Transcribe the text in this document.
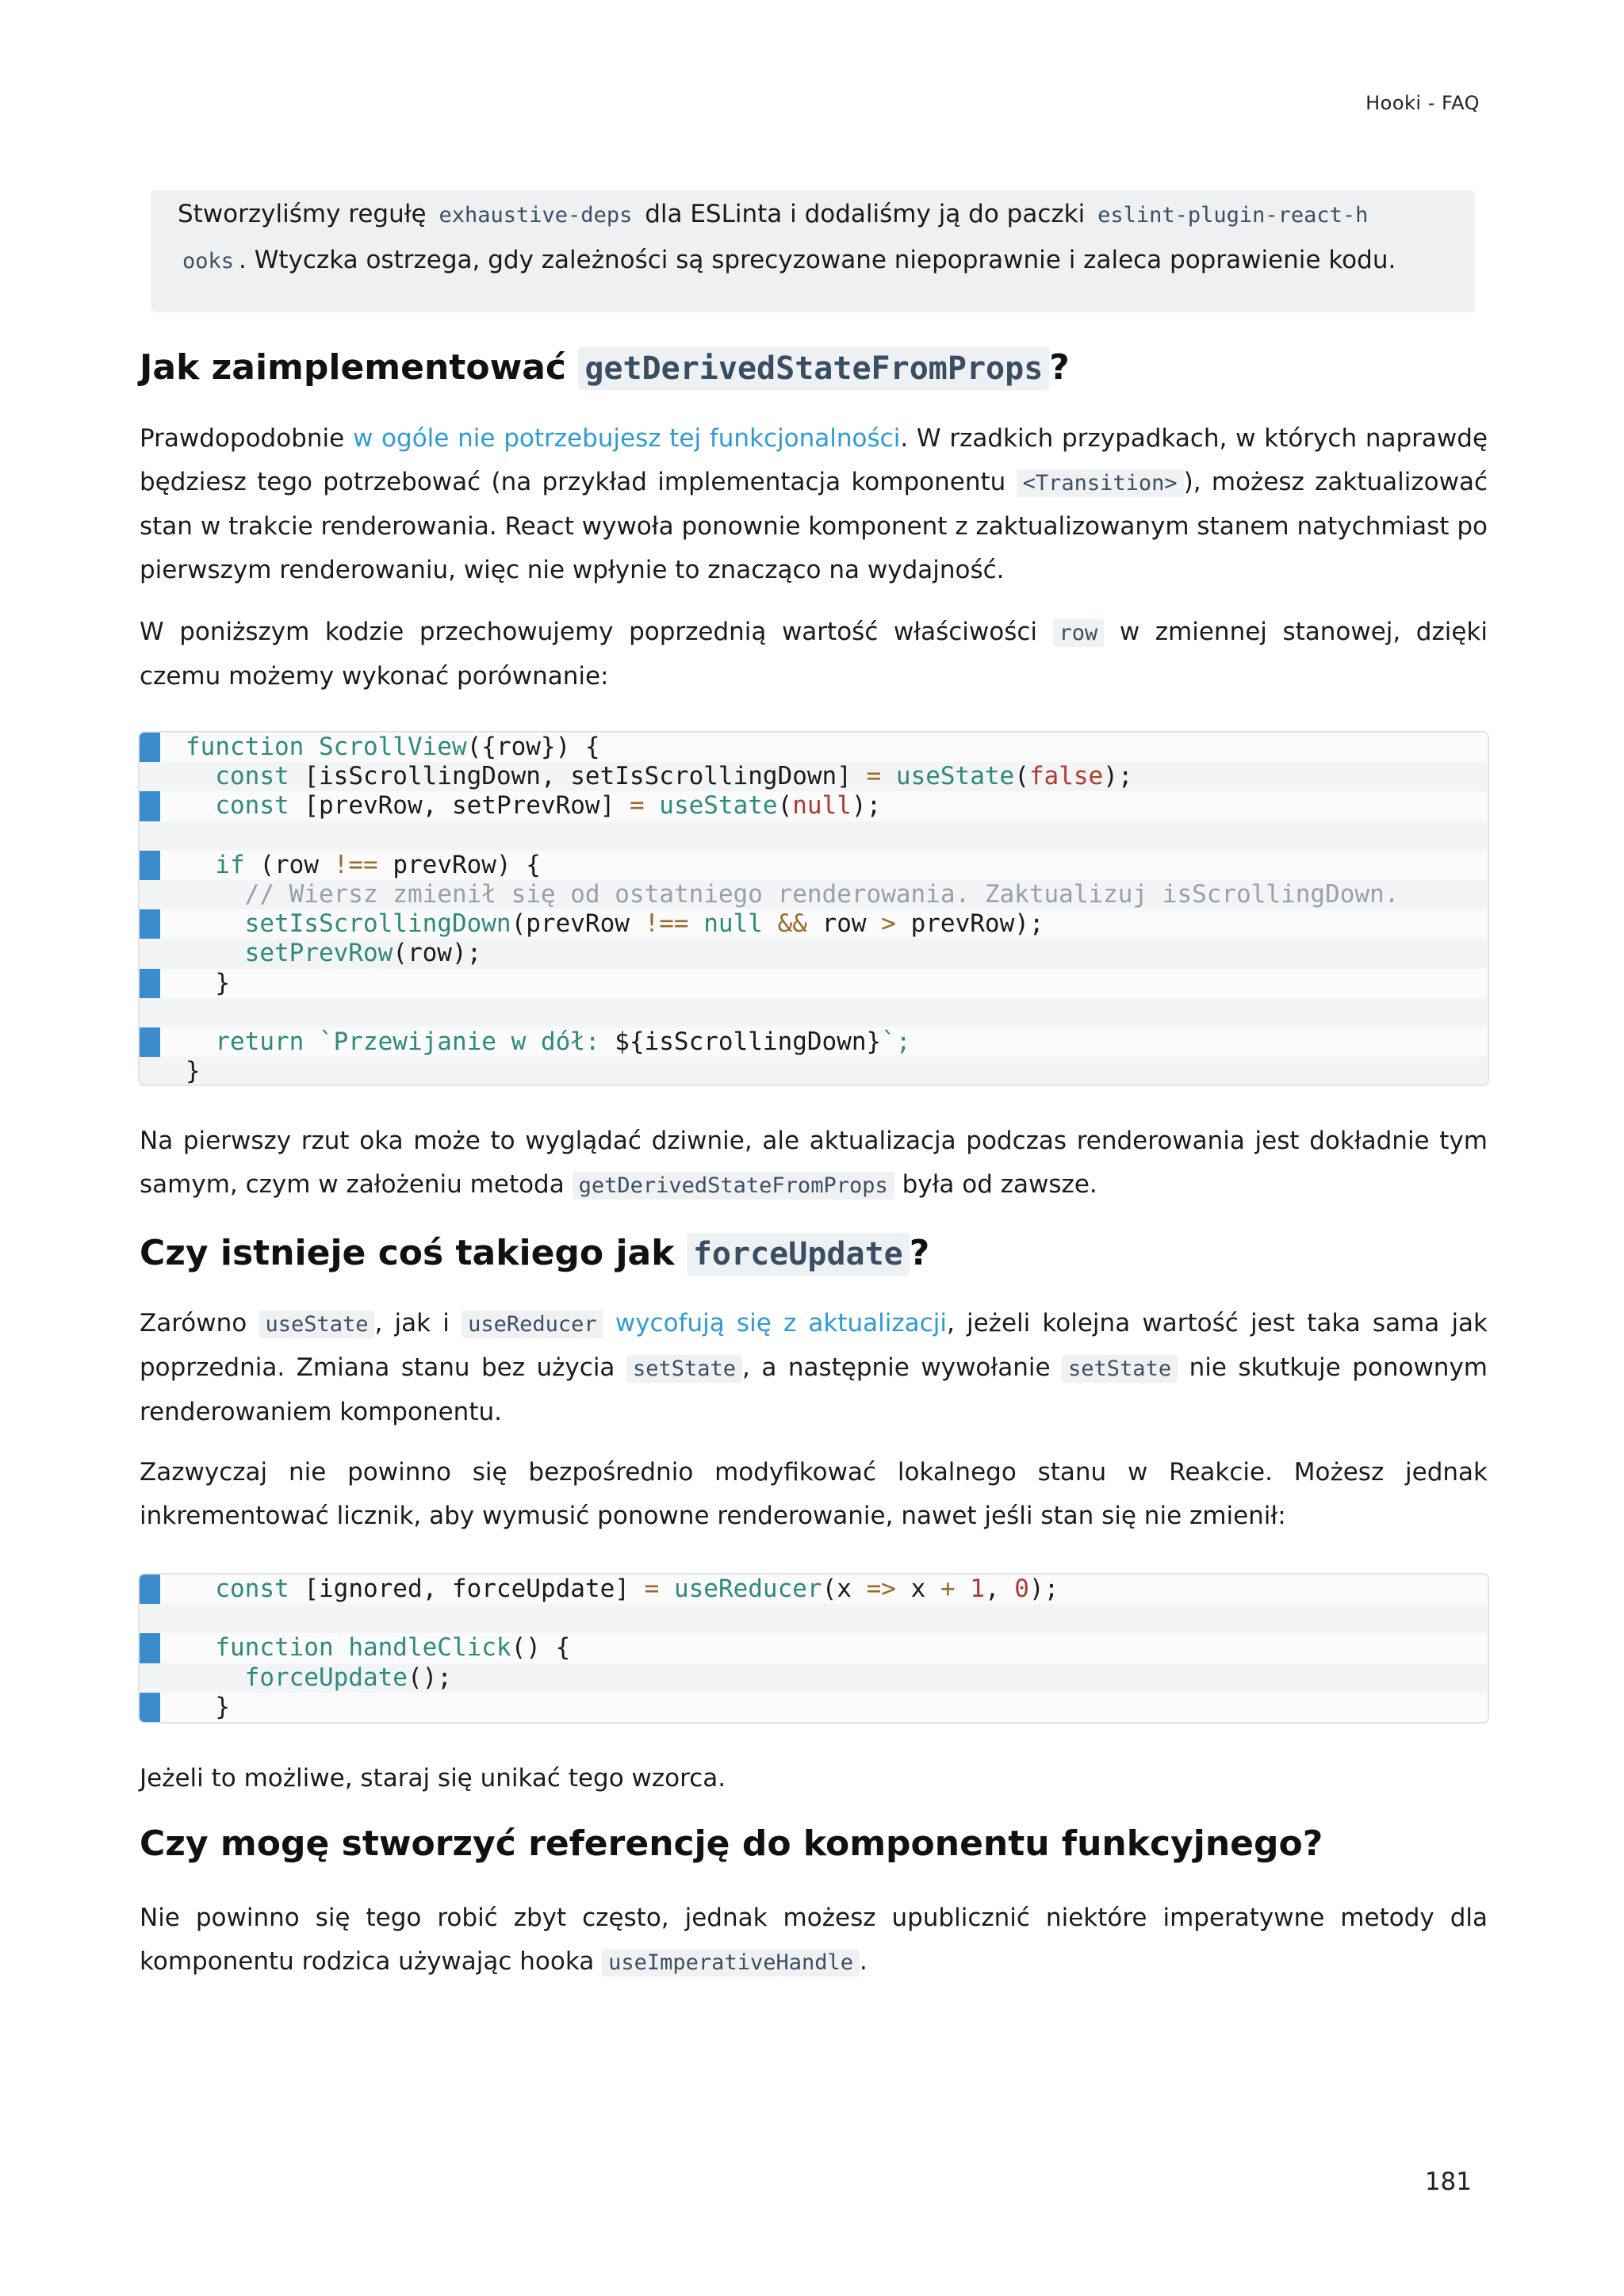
Hooki - FAQ

Stworzyliśmy regułę exhaustive-deps dla ESLinta i dodaliśmy ją do paczki eslint-plugin-react-h
ooks . Wtyczka ostrzega, gdy zależności są sprecyzowane niepoprawnie i zaleca poprawienie kodu.

Jak zaimplementować getDerivedStateFromProps ?

Prawdopodobnie w ogóle nie potrzebujesz tej funkcjonalności. W rzadkich przypadkach, w których naprawdę będziesz tego potrzebować (na przykład implementacja komponentu <Transition> ), możesz zaktualizować stan w trakcie renderowania. React wywoła ponownie komponent z zaktualizowanym stanem natychmiast po pierwszym renderowaniu, więc nie wpłynie to znacząco na wydajność.

W poniższym kodzie przechowujemy poprzednią wartość właściwości row w zmiennej stanowej, dzięki czemu możemy wykonać porównanie:

function ScrollView({row}) {
const [isScrollingDown, setIsScrollingDown] = useState(false);
const [prevRow, setPrevRow] = useState(null);

if (row !== prevRow) {
// Wiersz zmienił się od ostatniego renderowania. Zaktualizuj isScrollingDown.
setIsScrollingDown(prevRow !== null && row > prevRow);
setPrevRow(row);
}

return `Przewijanie w dół: ${isScrollingDown}`;
}

Na pierwszy rzut oka może to wyglądać dziwnie, ale aktualizacja podczas renderowania jest dokładnie tym samym, czym w założeniu metoda getDerivedStateFromProps była od zawsze.

Czy istnieje coś takiego jak forceUpdate ?

Zarówno useState , jak i useReducer wycofują się z aktualizacji, jeżeli kolejna wartość jest taka sama jak poprzednia. Zmiana stanu bez użycia setState , a następnie wywołanie setState nie skutkuje ponownym renderowaniem komponentu.

Zazwyczaj nie powinno się bezpośrednio modyfikować lokalnego stanu w Reakcie. Możesz jednak inkrementować licznik, aby wymusić ponowne renderowanie, nawet jeśli stan się nie zmienił:

const [ignored, forceUpdate] = useReducer(x => x + 1, 0);

function handleClick() {
forceUpdate();
}

Jeżeli to możliwe, staraj się unikać tego wzorca.

Czy mogę stworzyć referencję do komponentu funkcyjnego?

Nie powinno się tego robić zbyt często, jednak możesz upublicznić niektóre imperatywne metody dla komponentu rodzica używając hooka useImperativeHandle .

181
